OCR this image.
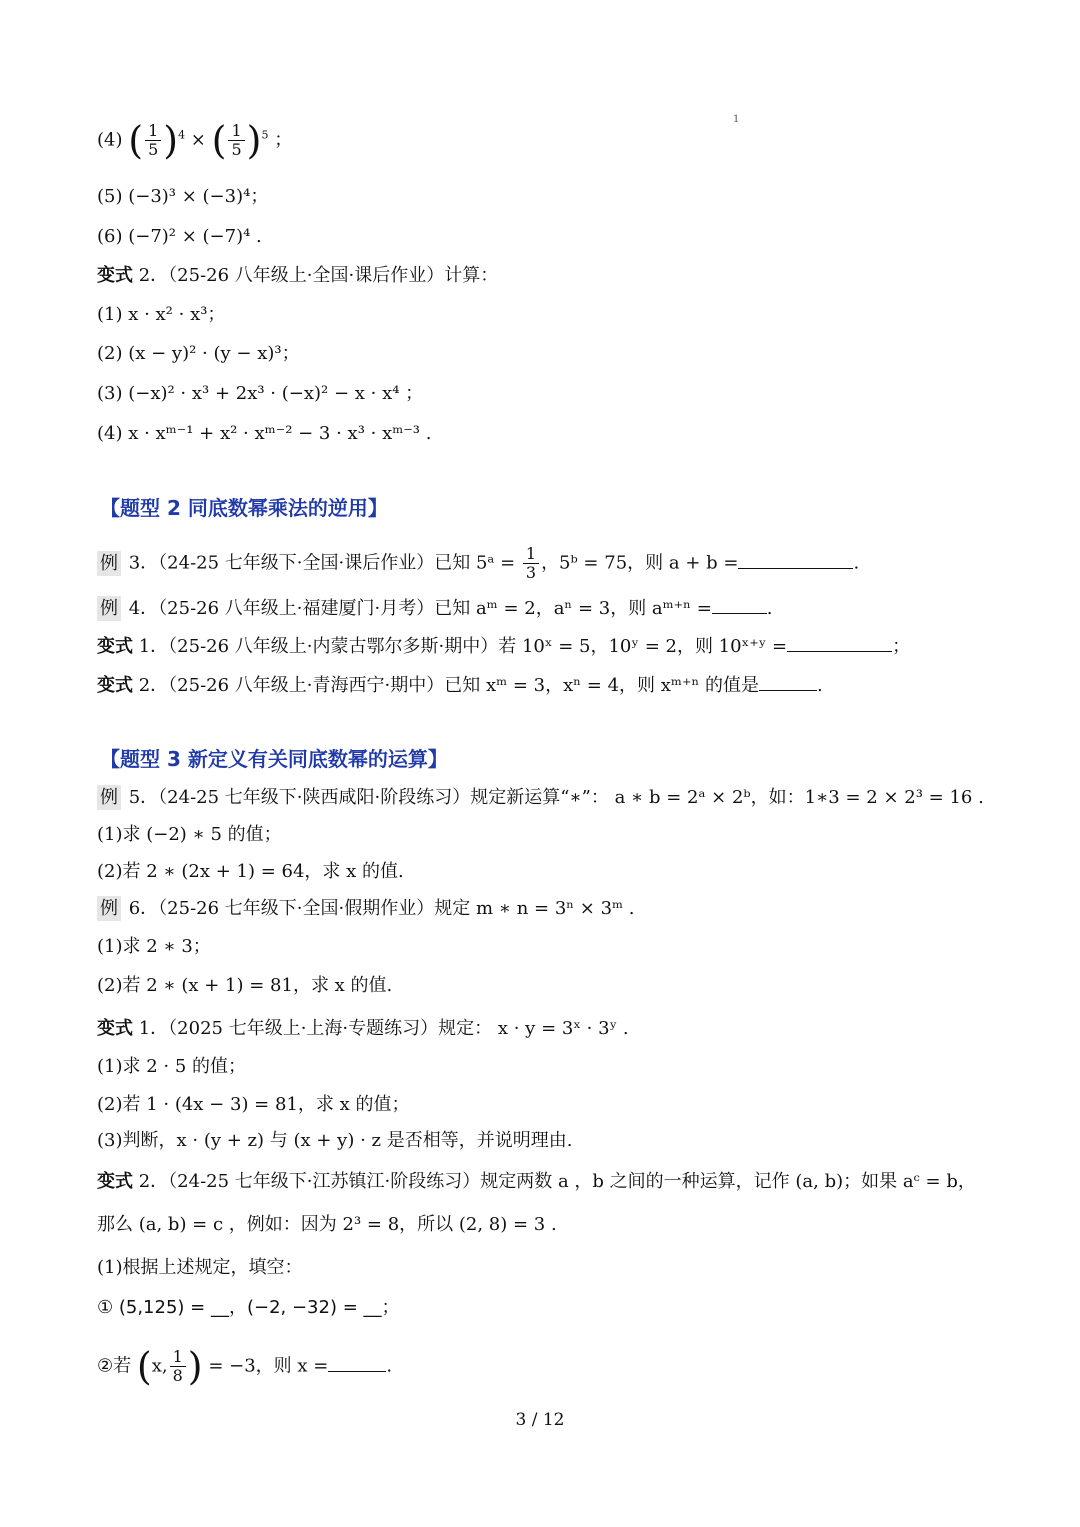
1
(4) ( $\frac{1}{5} )^4$ × ( $\frac{1}{5} )^5$ ；
(5) (−3)³ × (−3)⁴；
(6) (−7)² × (−7)⁴ .
变式 2．（25-26 八年级上·全国·课后作业）计算：
(1) x · x² · x³；
(2) (x − y)² · (y − x)³；
(3) (−x)² · x³ + 2x³ · (−x)² − x · x⁴ ；
(4) x · xᵐ⁻¹ + x² · xᵐ⁻² − 3 · x³ · xᵐ⁻³ .
【题型 2 同底数幂乘法的逆用】
例 3．（24-25 七年级下·全国·课后作业）已知 5ᵃ = $\frac{1}{3}$ ，5ᵇ = 75，则 a + b =	.
例 4．（25-26 八年级上·福建厦门·月考）已知 aᵐ = 2，aⁿ = 3，则 aᵐ⁺ⁿ =	.
变式 1．（25-26 八年级上·内蒙古鄂尔多斯·期中）若 10ˣ = 5，10ʸ = 2，则 10ˣ⁺ʸ =	；
变式 2．（25-26 八年级上·青海西宁·期中）已知 xᵐ = 3，xⁿ = 4，则 xᵐ⁺ⁿ 的值是	.
【题型 3 新定义有关同底数幂的运算】
例 5．（24-25 七年级下·陕西咸阳·阶段练习）规定新运算“∗”： a ∗ b = 2ᵃ × 2ᵇ，如：1∗3 = 2 × 2³ = 16 .
(1)求 (−2) ∗ 5 的值；
(2)若 2 ∗ (2x + 1) = 64，求 x 的值.
例 6．（25-26 七年级下·全国·假期作业）规定 m ∗ n = 3ⁿ × 3ᵐ .
(1)求 2 ∗ 3；
(2)若 2 ∗ (x + 1) = 81，求 x 的值.
变式 1．（2025 七年级上·上海·专题练习）规定： x · y = 3ˣ · 3ʸ .
(1)求 2 · 5 的值；
(2)若 1 · (4x − 3) = 81，求 x 的值；
(3)判断，x · (y + z) 与 (x + y) · z 是否相等，并说明理由.
变式 2．（24-25 七年级下·江苏镇江·阶段练习）规定两数 a ，b 之间的一种运算，记作 (a, b)；如果 aᶜ = b，
那么 (a, b) = c ，例如：因为 2³ = 8，所以 (2, 8) = 3 .
(1)根据上述规定，填空：
① (5,125) = __，(−2, −32) = __；
②若 (x, $\frac{1}{8}$ ) = −3，则 x =	.
3 / 12
